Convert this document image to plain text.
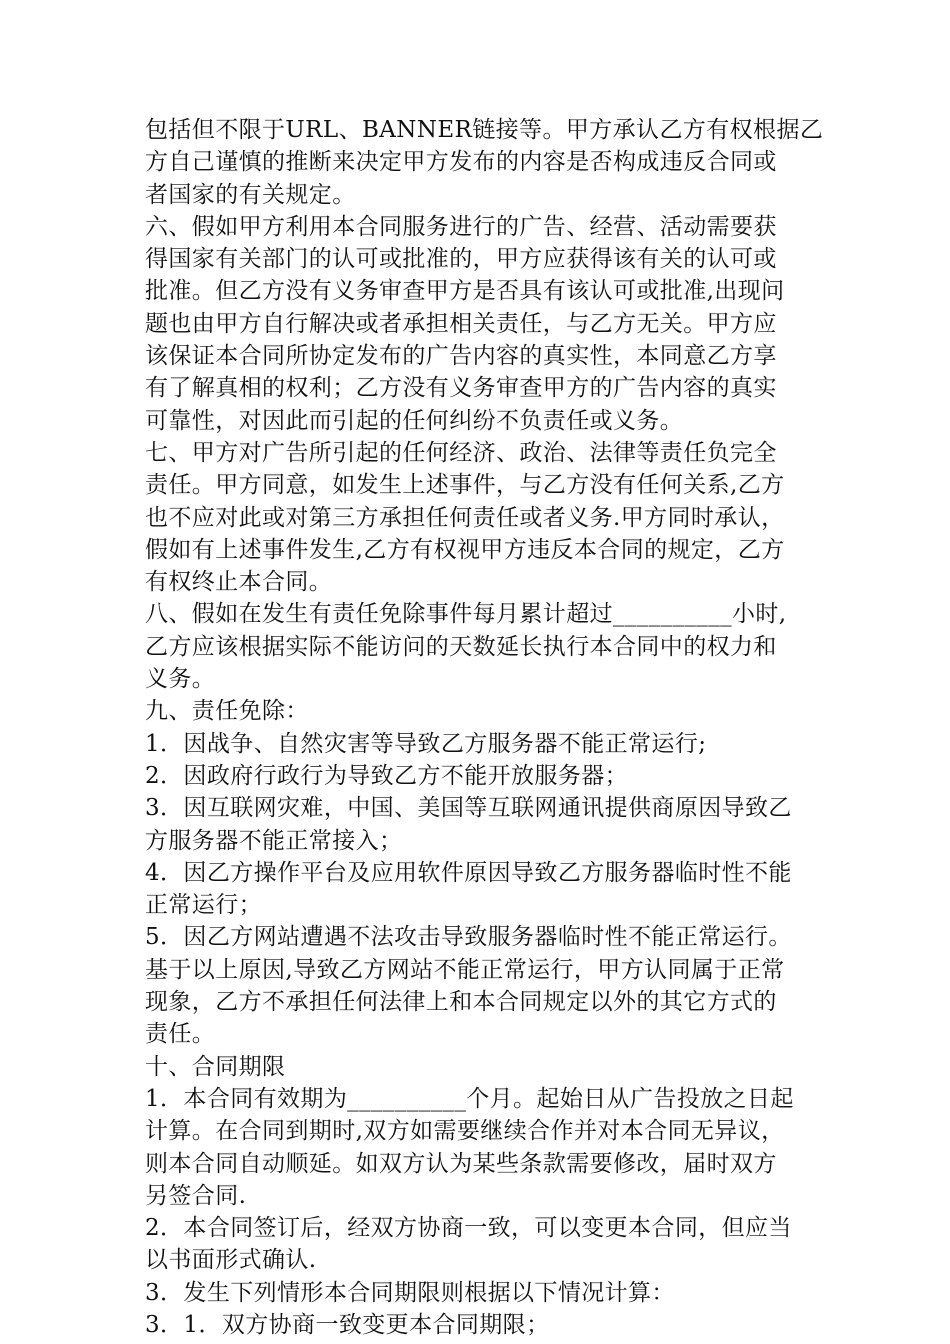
包括但不限于URL、BANNER链接等。甲方承认乙方有权根据乙
方自己谨慎的推断来决定甲方发布的内容是否构成违反合同或
者国家的有关规定。
六、假如甲方利用本合同服务进行的广告、经营、活动需要获
得国家有关部门的认可或批准的，甲方应获得该有关的认可或
批准。但乙方没有义务审查甲方是否具有该认可或批准,出现问
题也由甲方自行解决或者承担相关责任，与乙方无关。甲方应
该保证本合同所协定发布的广告内容的真实性，本同意乙方享
有了解真相的权利；乙方没有义务审查甲方的广告内容的真实
可靠性，对因此而引起的任何纠纷不负责任或义务。
七、甲方对广告所引起的任何经济、政治、法律等责任负完全
责任。甲方同意，如发生上述事件，与乙方没有任何关系,乙方
也不应对此或对第三方承担任何责任或者义务.甲方同时承认，
假如有上述事件发生,乙方有权视甲方违反本合同的规定，乙方
有权终止本合同。
八、假如在发生有责任免除事件每月累计超过__________小时,
乙方应该根据实际不能访问的天数延长执行本合同中的权力和
义务。
九、责任免除：
1．因战争、自然灾害等导致乙方服务器不能正常运行;
2．因政府行政行为导致乙方不能开放服务器；
3．因互联网灾难，中国、美国等互联网通讯提供商原因导致乙
方服务器不能正常接入；
4．因乙方操作平台及应用软件原因导致乙方服务器临时性不能
正常运行；
5．因乙方网站遭遇不法攻击导致服务器临时性不能正常运行。
基于以上原因,导致乙方网站不能正常运行，甲方认同属于正常
现象，乙方不承担任何法律上和本合同规定以外的其它方式的
责任。
十、合同期限
1．本合同有效期为__________个月。起始日从广告投放之日起
计算。在合同到期时,双方如需要继续合作并对本合同无异议，
则本合同自动顺延。如双方认为某些条款需要修改，届时双方
另签合同.
2．本合同签订后，经双方协商一致，可以变更本合同，但应当
以书面形式确认.
3．发生下列情形本合同期限则根据以下情况计算：
3．1．双方协商一致变更本合同期限；
